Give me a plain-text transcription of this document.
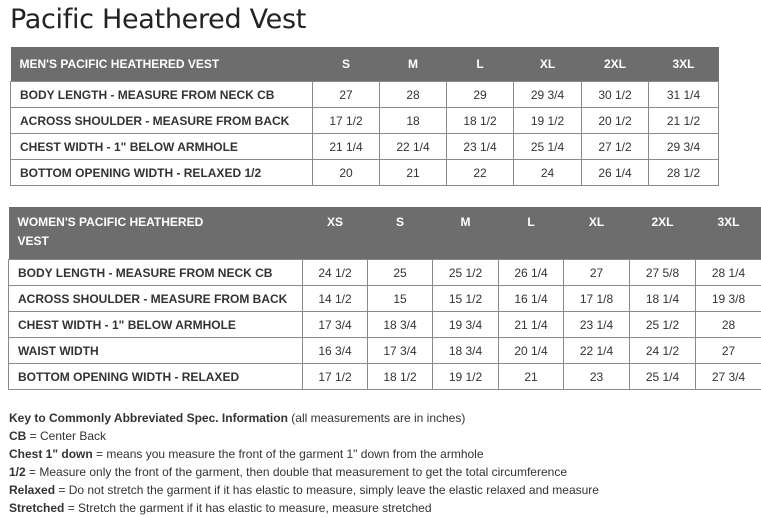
Pacific Heathered Vest
MEN'S PACIFIC HEATHERED VEST	S	M	L	XL	2XL	3XL
BODY LENGTH - MEASURE FROM NECK CB	27	28	29	29 3/4	30 1/2	31 1/4
ACROSS SHOULDER - MEASURE FROM BACK	17 1/2	18	18 1/2	19 1/2	20 1/2	21 1/2
CHEST WIDTH - 1" BELOW ARMHOLE	21 1/4	22 1/4	23 1/4	25 1/4	27 1/2	29 3/4
BOTTOM OPENING WIDTH - RELAXED 1/2	20	21	22	24	26 1/4	28 1/2
WOMEN'S PACIFIC HEATHERED
VEST	XS	S	M	L	XL	2XL	3XL
BODY LENGTH - MEASURE FROM NECK CB	24 1/2	25	25 1/2	26 1/4	27	27 5/8	28 1/4
ACROSS SHOULDER - MEASURE FROM BACK	14 1/2	15	15 1/2	16 1/4	17 1/8	18 1/4	19 3/8
CHEST WIDTH - 1" BELOW ARMHOLE	17 3/4	18 3/4	19 3/4	21 1/4	23 1/4	25 1/2	28
WAIST WIDTH	16 3/4	17 3/4	18 3/4	20 1/4	22 1/4	24 1/2	27
BOTTOM OPENING WIDTH - RELAXED	17 1/2	18 1/2	19 1/2	21	23	25 1/4	27 3/4

Key to Commonly Abbreviated Spec. Information (all measurements are in inches)

CB = Center Back

Chest 1" down = means you measure the front of the garment 1" down from the armhole

1/2 = Measure only the front of the garment, then double that measurement to get the total circumference

Relaxed = Do not stretch the garment if it has elastic to measure, simply leave the elastic relaxed and measure

Stretched = Stretch the garment if it has elastic to measure, measure stretched
